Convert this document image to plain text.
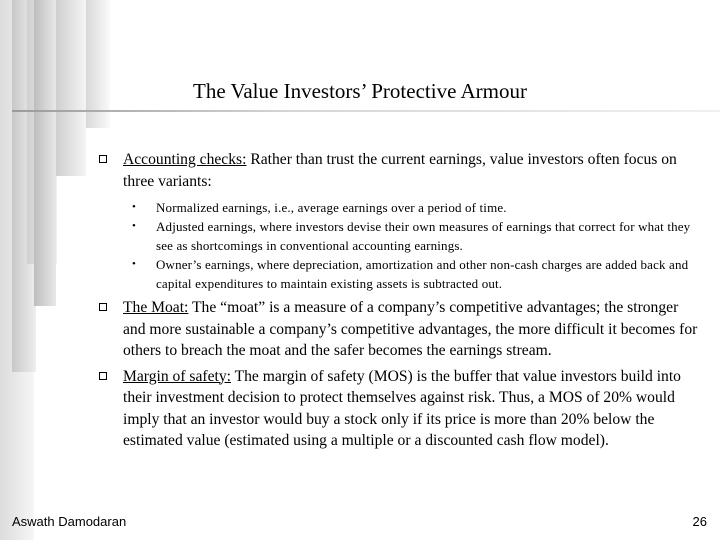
The Value Investors’ Protective Armour
Accounting checks: Rather than trust the current earnings, value investors often focus on three variants:
• Normalized earnings, i.e., average earnings over a period of time.
• Adjusted earnings, where investors devise their own measures of earnings that correct for what they see as shortcomings in conventional accounting earnings.
• Owner’s earnings, where depreciation, amortization and other non-cash charges are added back and capital expenditures to maintain existing assets is subtracted out.
The Moat: The “moat” is a measure of a company’s competitive advantages; the stronger and more sustainable a company’s competitive advantages, the more difficult it becomes for others to breach the moat and the safer becomes the earnings stream.
Margin of safety: The margin of safety (MOS) is the buffer that value investors build into their investment decision to protect themselves against risk. Thus, a MOS of 20% would imply that an investor would buy a stock only if its price is more than 20% below the estimated value (estimated using a multiple or a discounted cash flow model).
Aswath Damodaran	26
